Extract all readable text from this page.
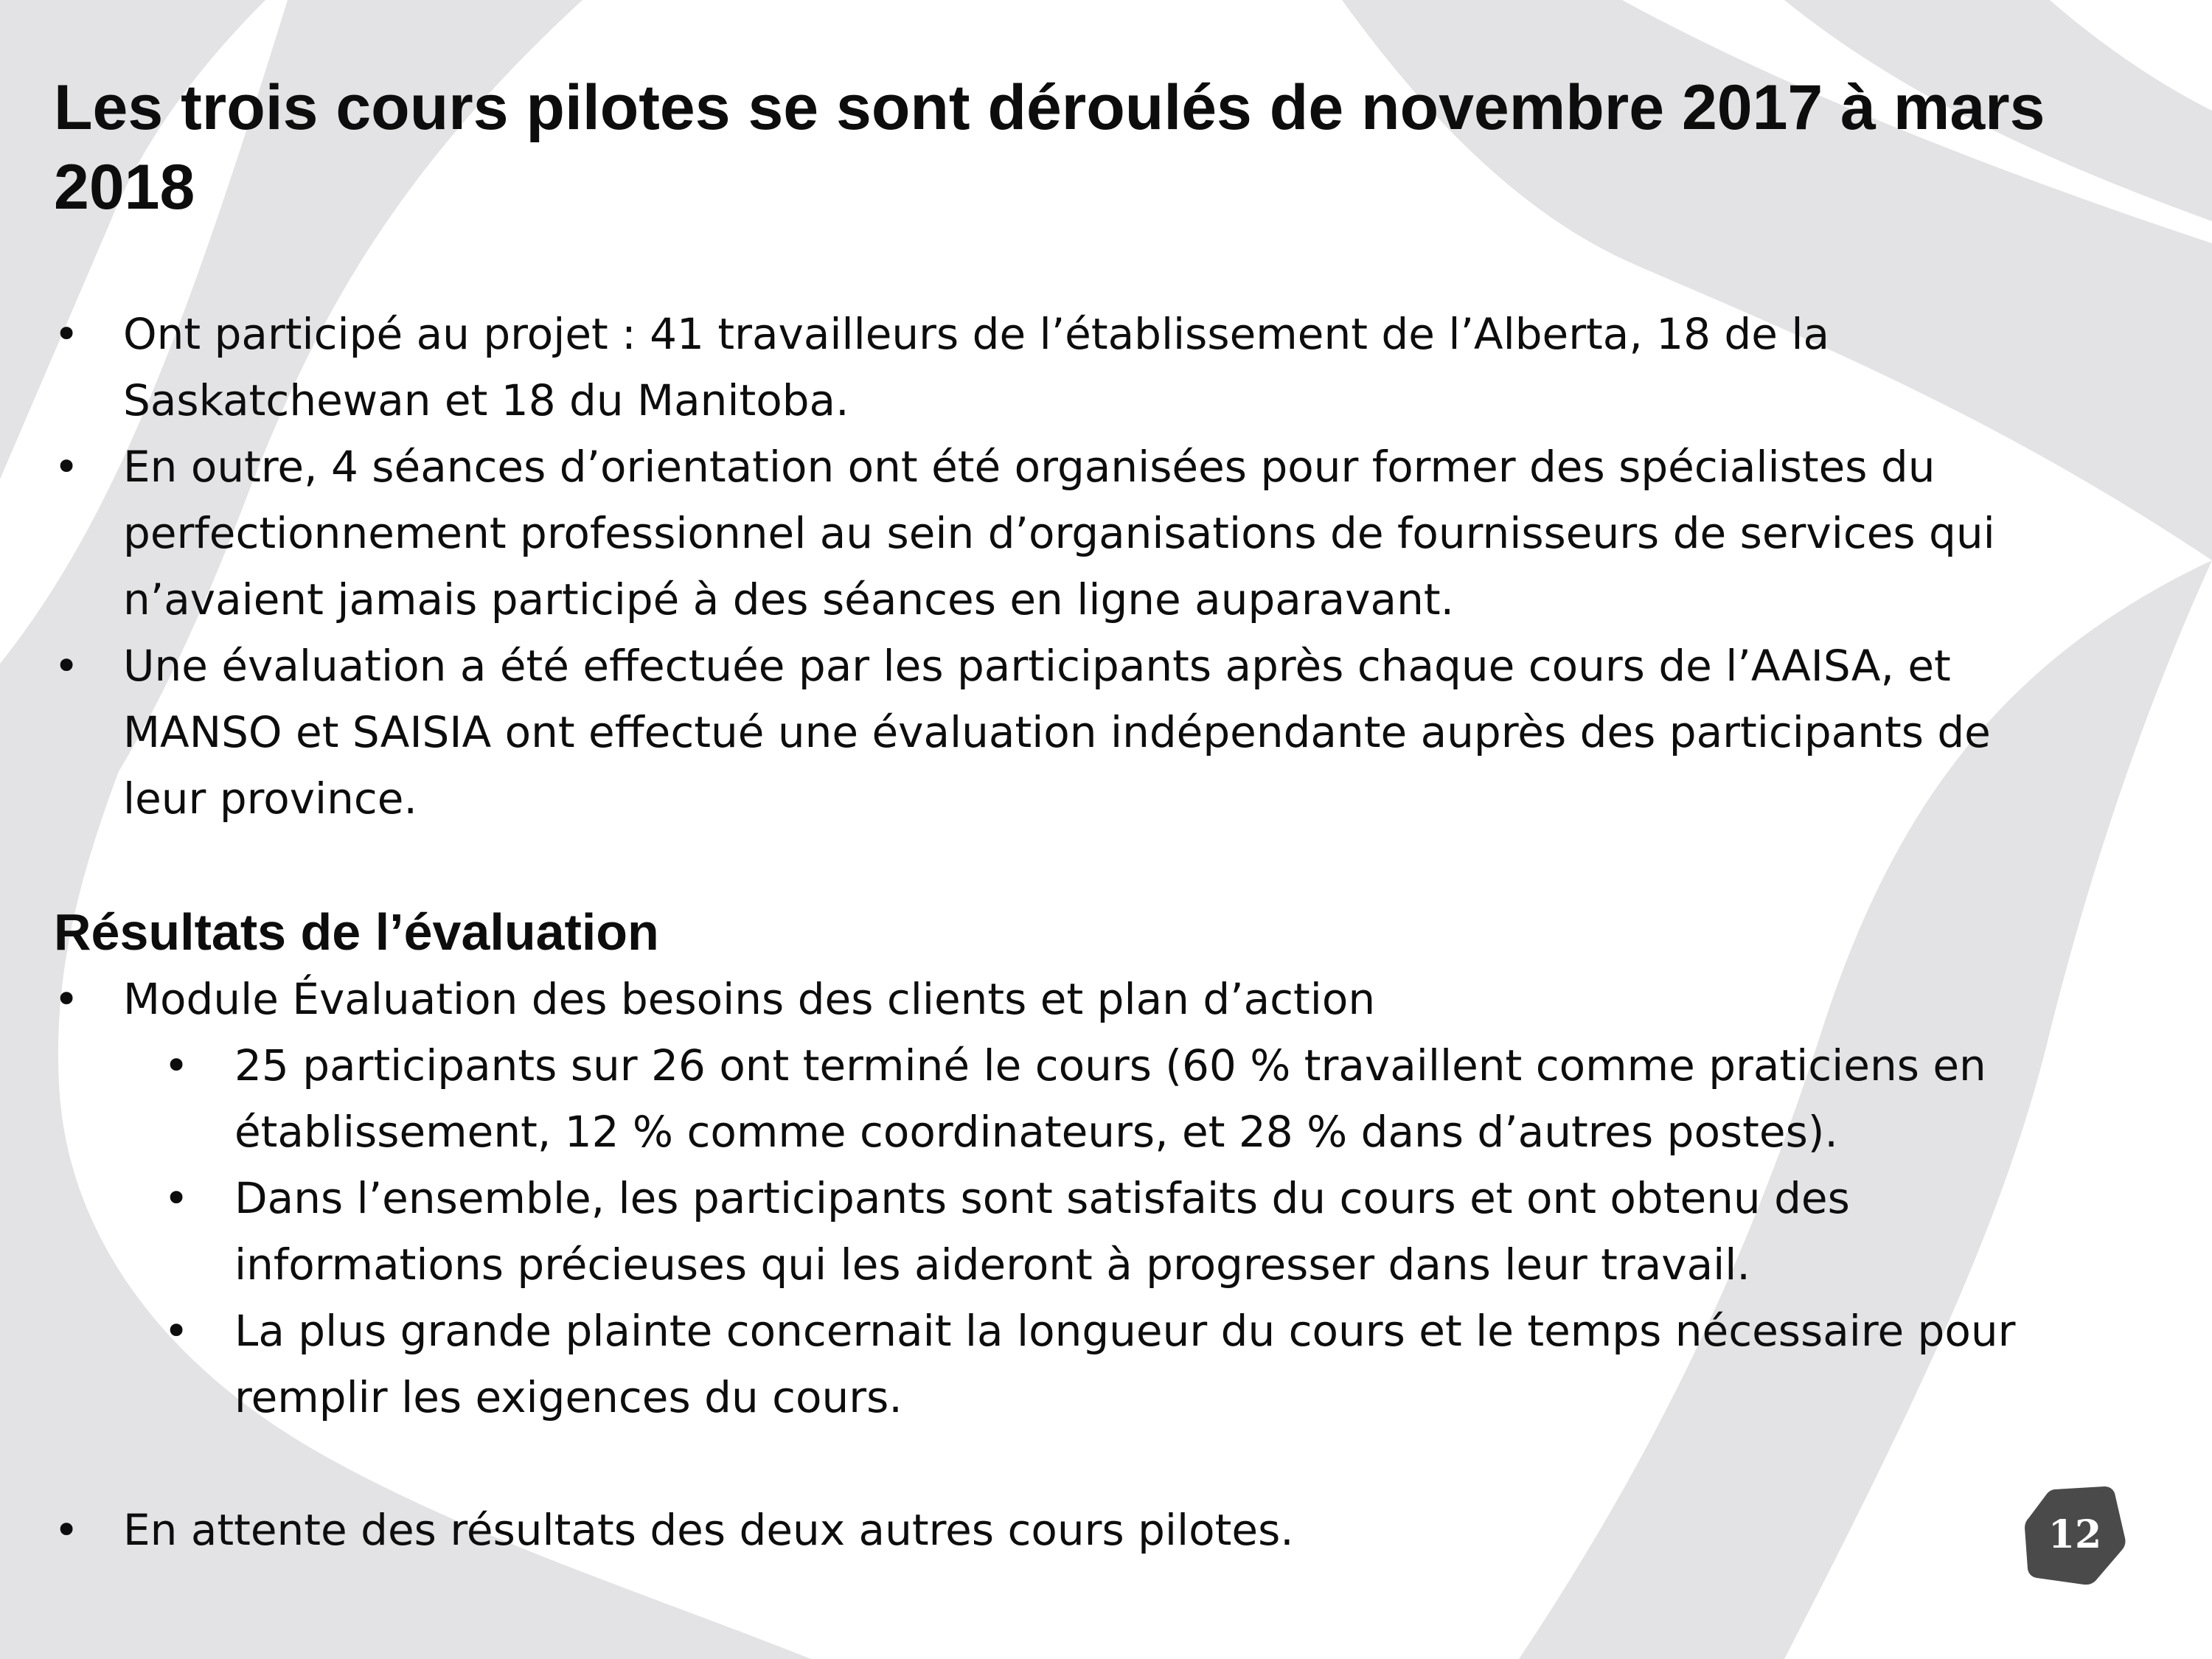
Les trois cours pilotes se sont déroulés de novembre 2017 à mars 2018
• Ont participé au projet : 41 travailleurs de l’établissement de l’Alberta, 18 de la Saskatchewan et 18 du Manitoba.
• En outre, 4 séances d’orientation ont été organisées pour former des spécialistes du perfectionnement professionnel au sein d’organisations de fournisseurs de services qui n’avaient jamais participé à des séances en ligne auparavant.
• Une évaluation a été effectuée par les participants après chaque cours de l’AAISA, et MANSO et SAISIA ont effectué une évaluation indépendante auprès des participants de leur province.
Résultats de l’évaluation
• Module Évaluation des besoins des clients et plan d’action
• 25 participants sur 26 ont terminé le cours (60 % travaillent comme praticiens en établissement, 12 % comme coordinateurs, et 28 % dans d’autres postes).
• Dans l’ensemble, les participants sont satisfaits du cours et ont obtenu des informations précieuses qui les aideront à progresser dans leur travail.
• La plus grande plainte concernait la longueur du cours et le temps nécessaire pour remplir les exigences du cours.
• En attente des résultats des deux autres cours pilotes.	12
